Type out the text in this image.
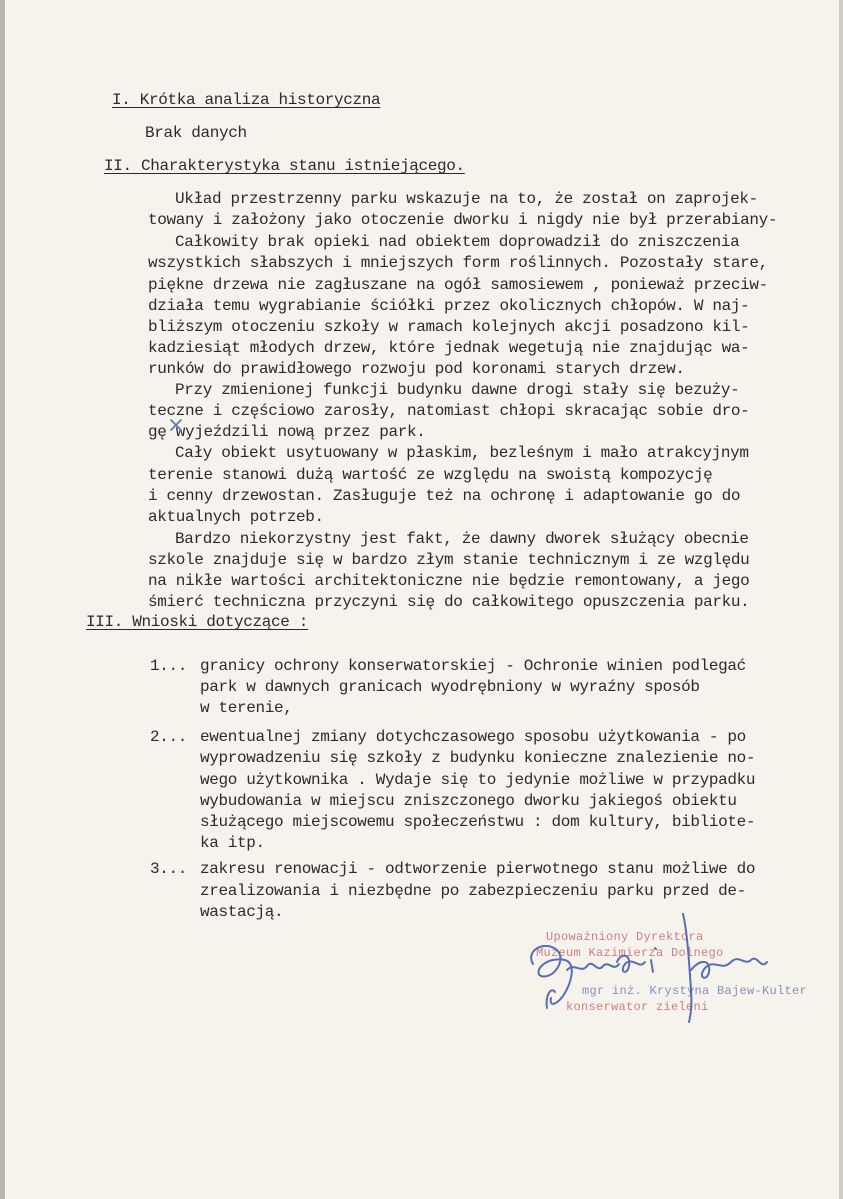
I. Krótka analiza historyczna

Brak danych

II. Charakterystyka stanu istniejącego.

Układ przestrzenny parku wskazuje na to, że został on zaprojek-

towany i założony jako otoczenie dworku i nigdy nie był przerabiany-

Całkowity brak opieki nad obiektem doprowadził do zniszczenia

wszystkich słabszych i mniejszych form roślinnych. Pozostały stare,

piękne drzewa nie zagłuszane na ogół samosiewem , ponieważ przeciw-

działa temu wygrabianie ściółki przez okolicznych chłopów. W naj-

bliższym otoczeniu szkoły w ramach kolejnych akcji posadzono kil-

kadziesiąt młodych drzew, które jednak wegetują nie znajdując wa-

runków do prawidłowego rozwoju pod koronami starych drzew.

Przy zmienionej funkcji budynku dawne drogi stały się bezuży-

teczne i częściowo zarosły, natomiast chłopi skracając sobie dro-

gę wyjeździli nową przez park.

Cały obiekt usytuowany w płaskim, bezleśnym i mało atrakcyjnym

terenie stanowi dużą wartość ze względu na swoistą kompozycję

i cenny drzewostan. Zasługuje też na ochronę i adaptowanie go do

aktualnych potrzeb.

Bardzo niekorzystny jest fakt, że dawny dworek służący obecnie

szkole znajduje się w bardzo złym stanie technicznym i ze względu

na nikłe wartości architektoniczne nie będzie remontowany, a jego

śmierć techniczna przyczyni się do całkowitego opuszczenia parku.

III. Wnioski dotyczące :

1... granicy ochrony konserwatorskiej - Ochronie winien podlegać

park w dawnych granicach wyodrębniony w wyraźny sposób

w terenie,

2... ewentualnej zmiany dotychczasowego sposobu użytkowania - po

wyprowadzeniu się szkoły z budynku konieczne znalezienie no-

wego użytkownika . Wydaje się to jedynie możliwe w przypadku

wybudowania w miejscu zniszczonego dworku jakiegoś obiektu

służącego miejscowemu społeczeństwu : dom kultury, bibliote-

ka itp.

3... zakresu renowacji - odtworzenie pierwotnego stanu możliwe do

zrealizowania i niezbędne po zabezpieczeniu parku przed de-

wastacją.

Upoważniony Dyrektora

Muzeum Kazimierza Dolnego

mgr inż. Krystyna Bajew-Kulter

konserwator zieleni
